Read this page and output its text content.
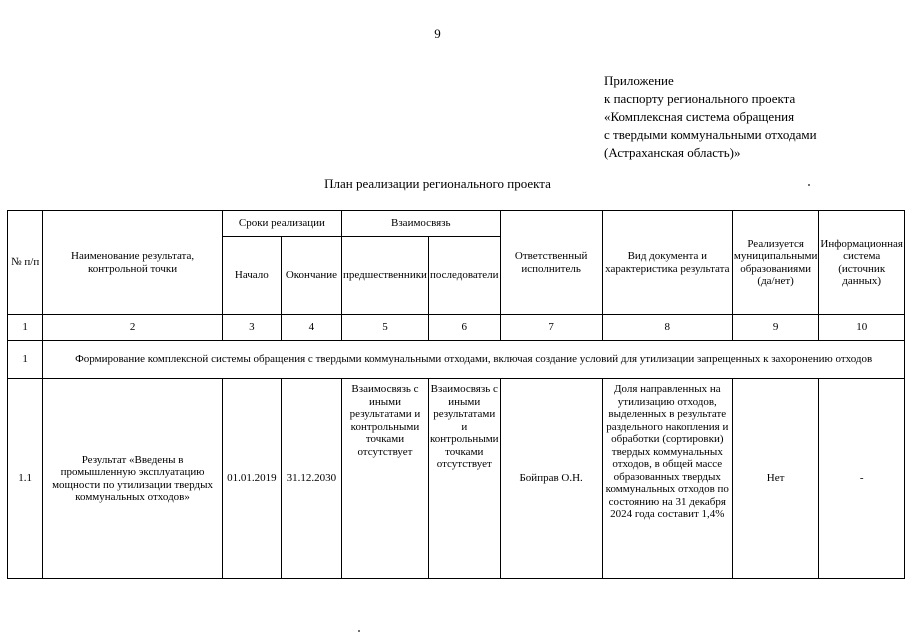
9
Приложение
к паспорту регионального проекта
«Комплексная система обращения
с твердыми коммунальными отходами
(Астраханская область)»
План реализации регионального проекта
№ п/п	Наименование результата, контрольной точки	Сроки реализации		Взаимосвязь		Ответственный исполнитель	Вид документа и характеристика результата	Реализуется муниципальными образованиями (да/нет)	Информационная система (источник данных)
		Начало	Окончание	предшественники	последователи				
1	2	3	4	5	6	7	8	9	10
1	Формирование комплексной системы обращения с твердыми коммунальными отходами, включая создание условий для утилизации запрещенных к захоронению отходов								
1.1	Результат «Введены в промышленную эксплуатацию мощности по утилизации твердых коммунальных отходов»	01.01.2019	31.12.2030	Взаимосвязь с иными результатами и контрольными точками отсутствует	Взаимосвязь с иными результатами и контрольными точками отсутствует	Бойправ О.Н.	Доля направленных на утилизацию отходов, выделенных в результате раздельного накопления и обработки (сортировки) твердых коммунальных отходов, в общей массе образованных твердых коммунальных отходов по состоянию на 31 декабря 2024 года составит 1,4%	Нет	-
